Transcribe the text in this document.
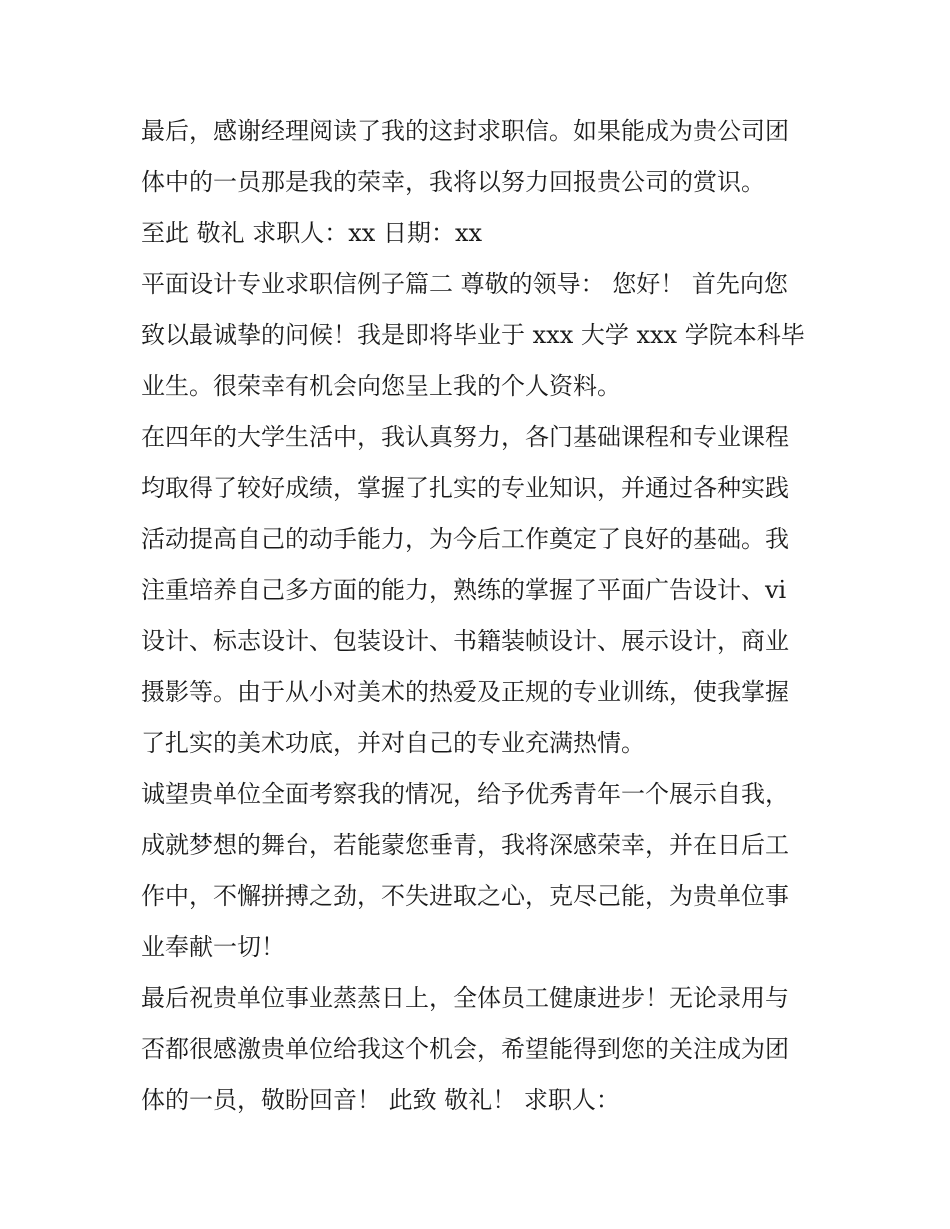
最后，感谢经理阅读了我的这封求职信。如果能成为贵公司团
体中的一员那是我的荣幸，我将以努力回报贵公司的赏识。
至此 敬礼 求职人：xx 日期：xx
平面设计专业求职信例子篇二 尊敬的领导： 您好！ 首先向您
致以最诚挚的问候！我是即将毕业于 xxx 大学 xxx 学院本科毕
业生。很荣幸有机会向您呈上我的个人资料。
在四年的大学生活中，我认真努力，各门基础课程和专业课程
均取得了较好成绩，掌握了扎实的专业知识，并通过各种实践
活动提高自己的动手能力，为今后工作奠定了良好的基础。我
注重培养自己多方面的能力，熟练的掌握了平面广告设计、vi
设计、标志设计、包装设计、书籍装帧设计、展示设计，商业
摄影等。由于从小对美术的热爱及正规的专业训练，使我掌握
了扎实的美术功底，并对自己的专业充满热情。
诚望贵单位全面考察我的情况，给予优秀青年一个展示自我，
成就梦想的舞台，若能蒙您垂青，我将深感荣幸，并在日后工
作中，不懈拼搏之劲，不失进取之心，克尽己能，为贵单位事
业奉献一切！
最后祝贵单位事业蒸蒸日上，全体员工健康进步！无论录用与
否都很感激贵单位给我这个机会，希望能得到您的关注成为团
体的一员，敬盼回音！ 此致 敬礼！ 求职人：
